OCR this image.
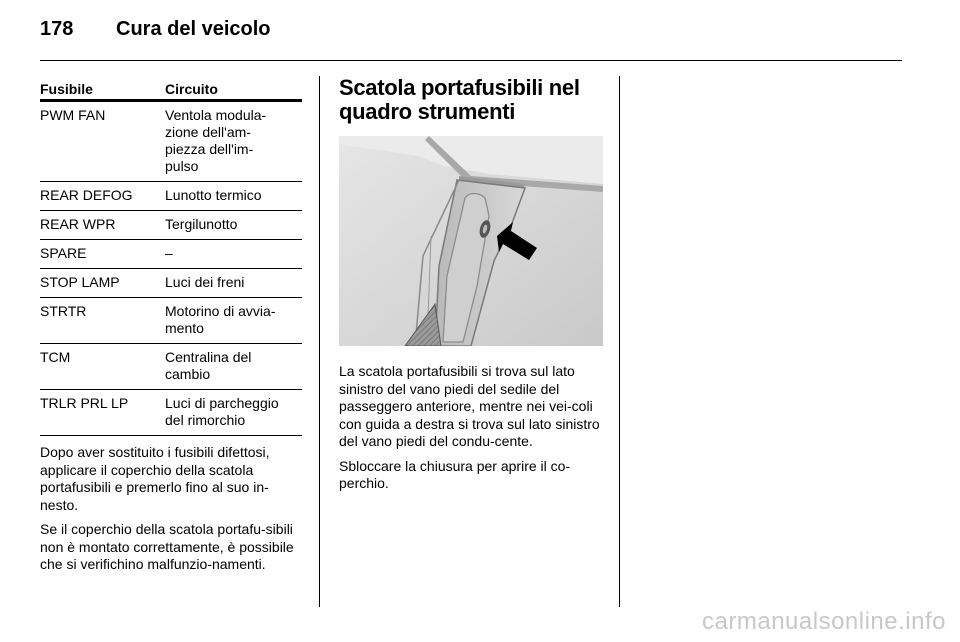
178 Cura del veicolo
Fusibile	Circuito
PWM FAN	Ventola modula-
zione dell'am-
piezza dell'im-
pulso
REAR DEFOG	Lunotto termico
REAR WPR	Tergilunotto
SPARE	–
STOP LAMP	Luci dei freni
STRTR	Motorino di avvia-
mento
TCM	Centralina del
cambio
TRLR PRL LP	Luci di parcheggio
del rimorchio

Dopo aver sostituito i fusibili difettosi, applicare il coperchio della scatola portafusibili e premerlo fino al suo in-nesto.

Se il coperchio della scatola portafu-sibili non è montato correttamente, è possibile che si verifichino malfunzio-namenti.

Scatola portafusibili nel quadro strumenti

La scatola portafusibili si trova sul lato sinistro del vano piedi del sedile del passeggero anteriore, mentre nei vei-coli con guida a destra si trova sul lato sinistro del vano piedi del condu-cente.

Sbloccare la chiusura per aprire il co-perchio.

carmanualsonline.info
